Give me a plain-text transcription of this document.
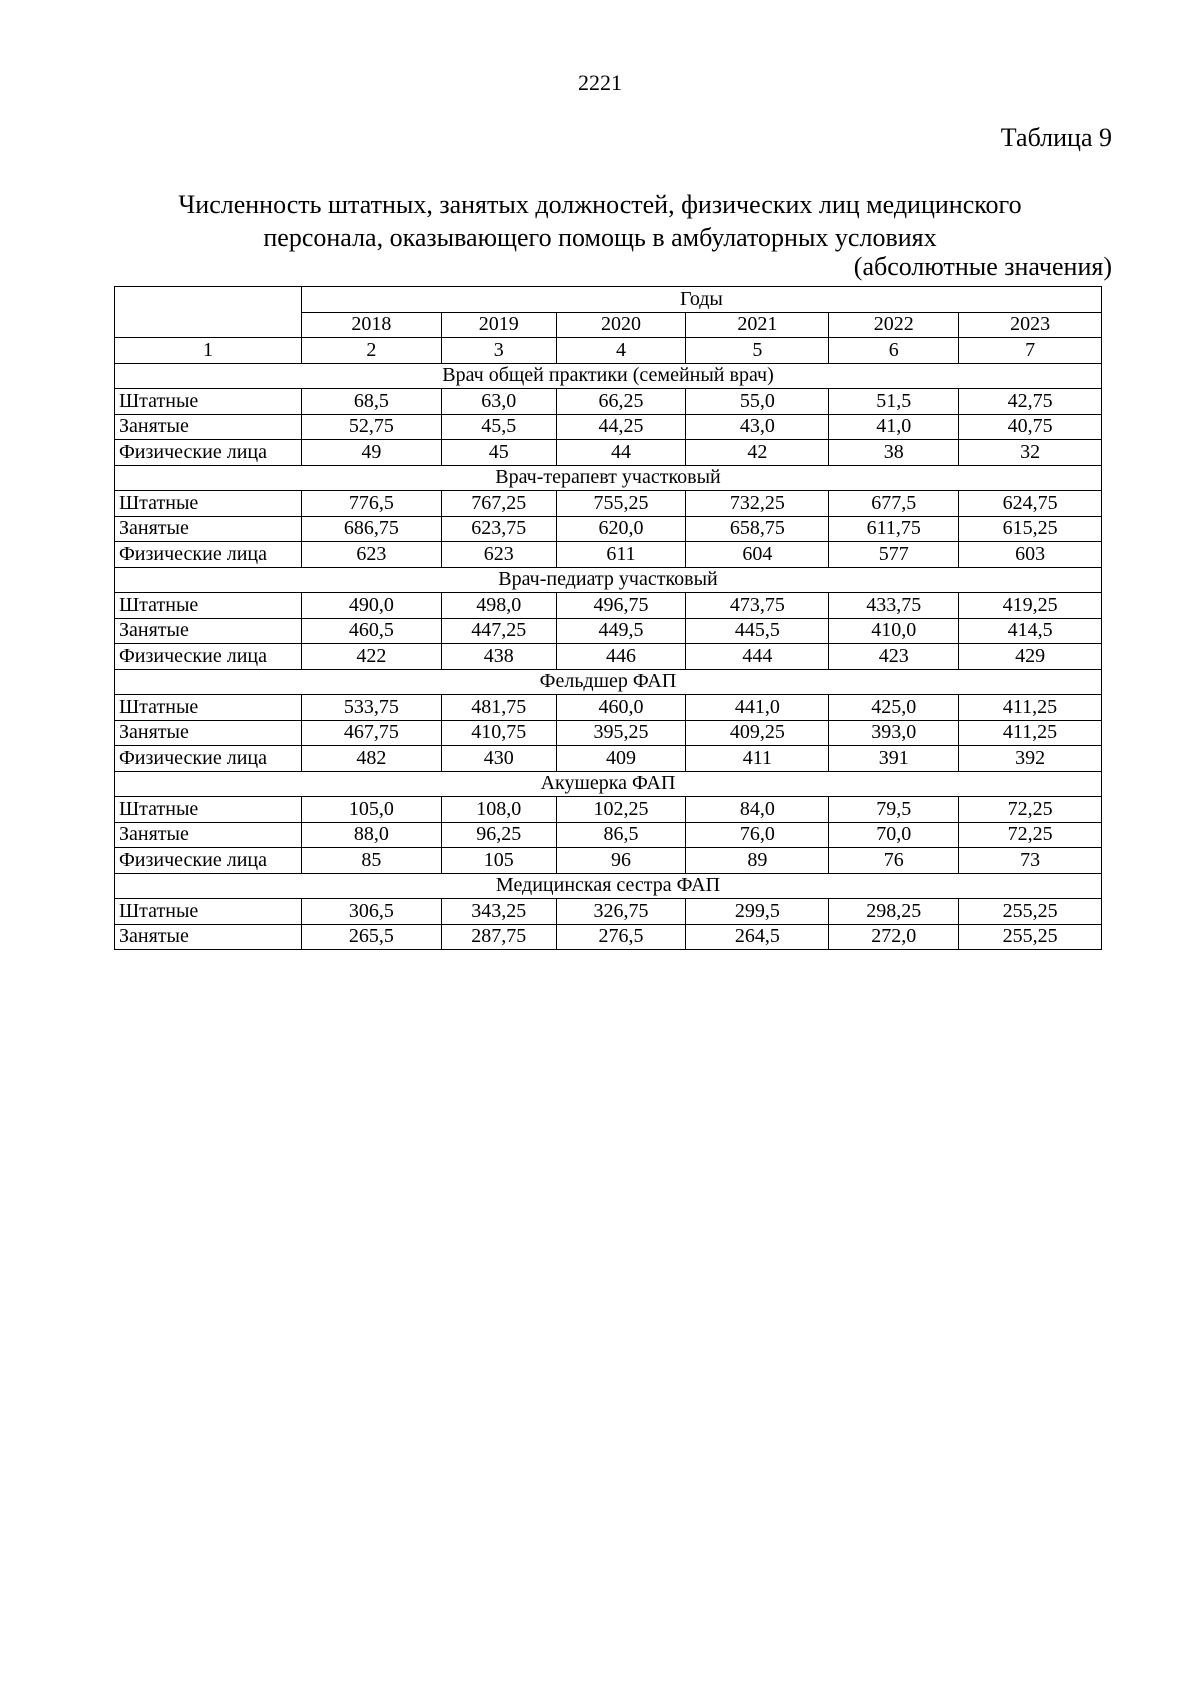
2221
Таблица 9
Численность штатных, занятых должностей, физических лиц медицинского
персонала, оказывающего помощь в амбулаторных условиях
(абсолютные значения)
	Годы					
	2018	2019	2020	2021	2022	2023
1	2	3	4	5	6	7
Врач общей практики (семейный врач)						
Штатные	68,5	63,0	66,25	55,0	51,5	42,75
Занятые	52,75	45,5	44,25	43,0	41,0	40,75
Физические лица	49	45	44	42	38	32
Врач-терапевт участковый						
Штатные	776,5	767,25	755,25	732,25	677,5	624,75
Занятые	686,75	623,75	620,0	658,75	611,75	615,25
Физические лица	623	623	611	604	577	603
Врач-педиатр участковый						
Штатные	490,0	498,0	496,75	473,75	433,75	419,25
Занятые	460,5	447,25	449,5	445,5	410,0	414,5
Физические лица	422	438	446	444	423	429
Фельдшер ФАП						
Штатные	533,75	481,75	460,0	441,0	425,0	411,25
Занятые	467,75	410,75	395,25	409,25	393,0	411,25
Физические лица	482	430	409	411	391	392
Акушерка ФАП						
Штатные	105,0	108,0	102,25	84,0	79,5	72,25
Занятые	88,0	96,25	86,5	76,0	70,0	72,25
Физические лица	85	105	96	89	76	73
Медицинская сестра ФАП						
Штатные	306,5	343,25	326,75	299,5	298,25	255,25
Занятые	265,5	287,75	276,5	264,5	272,0	255,25
